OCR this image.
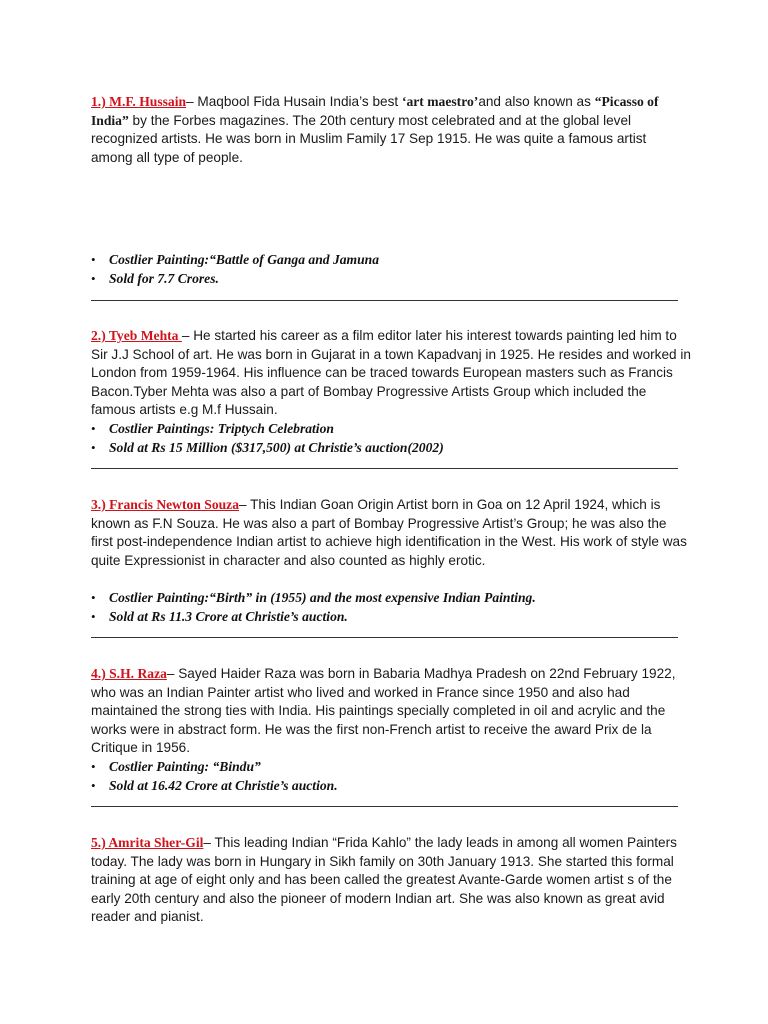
1.) M.F. Hussain– Maqbool Fida Husain India’s best ‘art maestro’and also known as “Picasso of India” by the Forbes magazines. The 20th century most celebrated and at the global level recognized artists. He was born in Muslim Family 17 Sep 1915. He was quite a famous artist among all type of people.

• Costlier Painting:“Battle of Ganga and Jamuna
• Sold for 7.7 Crores.

2.) Tyeb Mehta – He started his career as a film editor later his interest towards painting led him to Sir J.J School of art. He was born in Gujarat in a town Kapadvanj in 1925. He resides and worked in London from 1959-1964. His influence can be traced towards European masters such as Francis Bacon.Tyber Mehta was also a part of Bombay Progressive Artists Group which included the famous artists e.g M.f Hussain.

• Costlier Paintings: Triptych Celebration
• Sold at Rs 15 Million ($317,500) at Christie’s auction(2002)

3.) Francis Newton Souza– This Indian Goan Origin Artist born in Goa on 12 April 1924, which is known as F.N Souza. He was also a part of Bombay Progressive Artist’s Group; he was also the first post-independence Indian artist to achieve high identification in the West. His work of style was quite Expressionist in character and also counted as highly erotic.

• Costlier Painting:“Birth” in (1955) and the most expensive Indian Painting.
• Sold at Rs 11.3 Crore at Christie’s auction.

4.) S.H. Raza– Sayed Haider Raza was born in Babaria Madhya Pradesh on 22nd February 1922, who was an Indian Painter artist who lived and worked in France since 1950 and also had maintained the strong ties with India. His paintings specially completed in oil and acrylic and the works were in abstract form. He was the first non-French artist to receive the award Prix de la Critique in 1956.

• Costlier Painting: “Bindu”
• Sold at 16.42 Crore at Christie’s auction.

5.) Amrita Sher-Gil– This leading Indian “Frida Kahlo” the lady leads in among all women Painters today. The lady was born in Hungary in Sikh family on 30th January 1913. She started this formal training at age of eight only and has been called the greatest Avante-Garde women artist s of the early 20th century and also the pioneer of modern Indian art. She was also known as great avid reader and pianist.
